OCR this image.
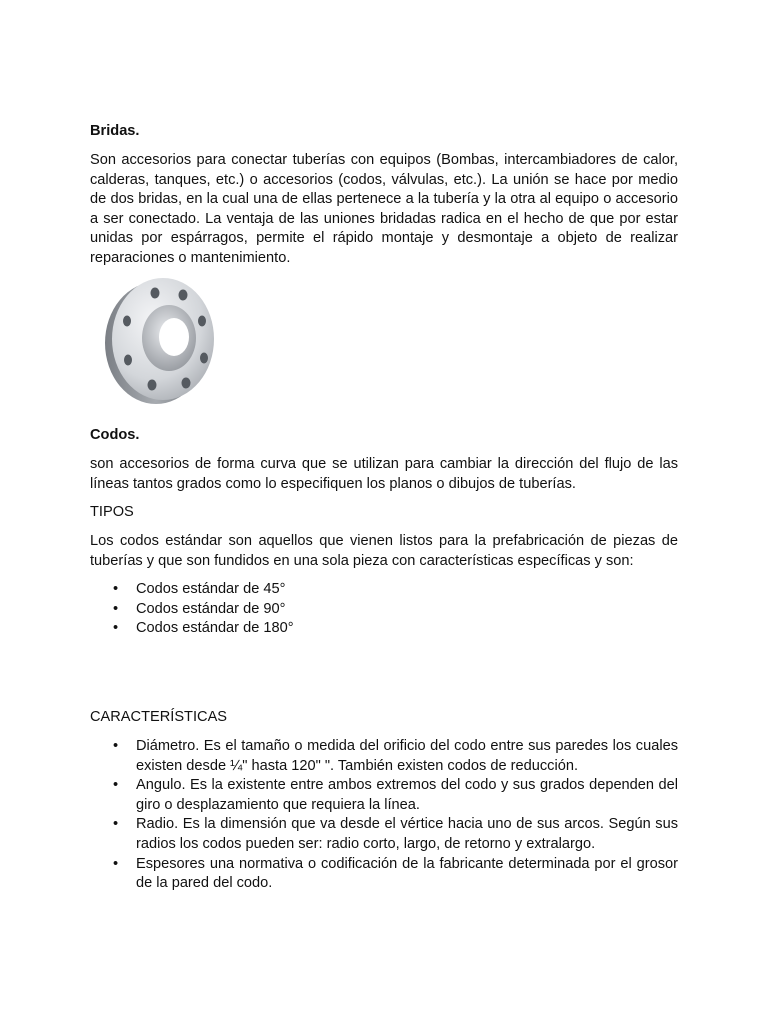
Bridas.

Son accesorios para conectar tuberías con equipos (Bombas, intercambiadores de calor, calderas, tanques, etc.) o accesorios (codos, válvulas, etc.). La unión se hace por medio de dos bridas, en la cual una de ellas pertenece a la tubería y la otra al equipo o accesorio a ser conectado. La ventaja de las uniones bridadas radica en el hecho de que por estar unidas por espárragos, permite el rápido montaje y desmontaje a objeto de realizar reparaciones o mantenimiento.

Codos.

son accesorios de forma curva que se utilizan para cambiar la dirección del flujo de las líneas tantos grados como lo especifiquen los planos o dibujos de tuberías.

TIPOS

Los codos estándar son aquellos que vienen listos para la prefabricación de piezas de tuberías y que son fundidos en una sola pieza con características específicas y son:

• Codos estándar de 45°
• Codos estándar de 90°
• Codos estándar de 180°

CARACTERÍSTICAS

• Diámetro. Es el tamaño o medida del orificio del codo entre sus paredes los cuales existen desde ¼" hasta 120" ". También existen codos de reducción.
• Angulo. Es la existente entre ambos extremos del codo y sus grados dependen del giro o desplazamiento que requiera la línea.
• Radio. Es la dimensión que va desde el vértice hacia uno de sus arcos. Según sus radios los codos pueden ser: radio corto, largo, de retorno y extralargo.
• Espesores una normativa o codificación de la fabricante determinada por el grosor de la pared del codo.
